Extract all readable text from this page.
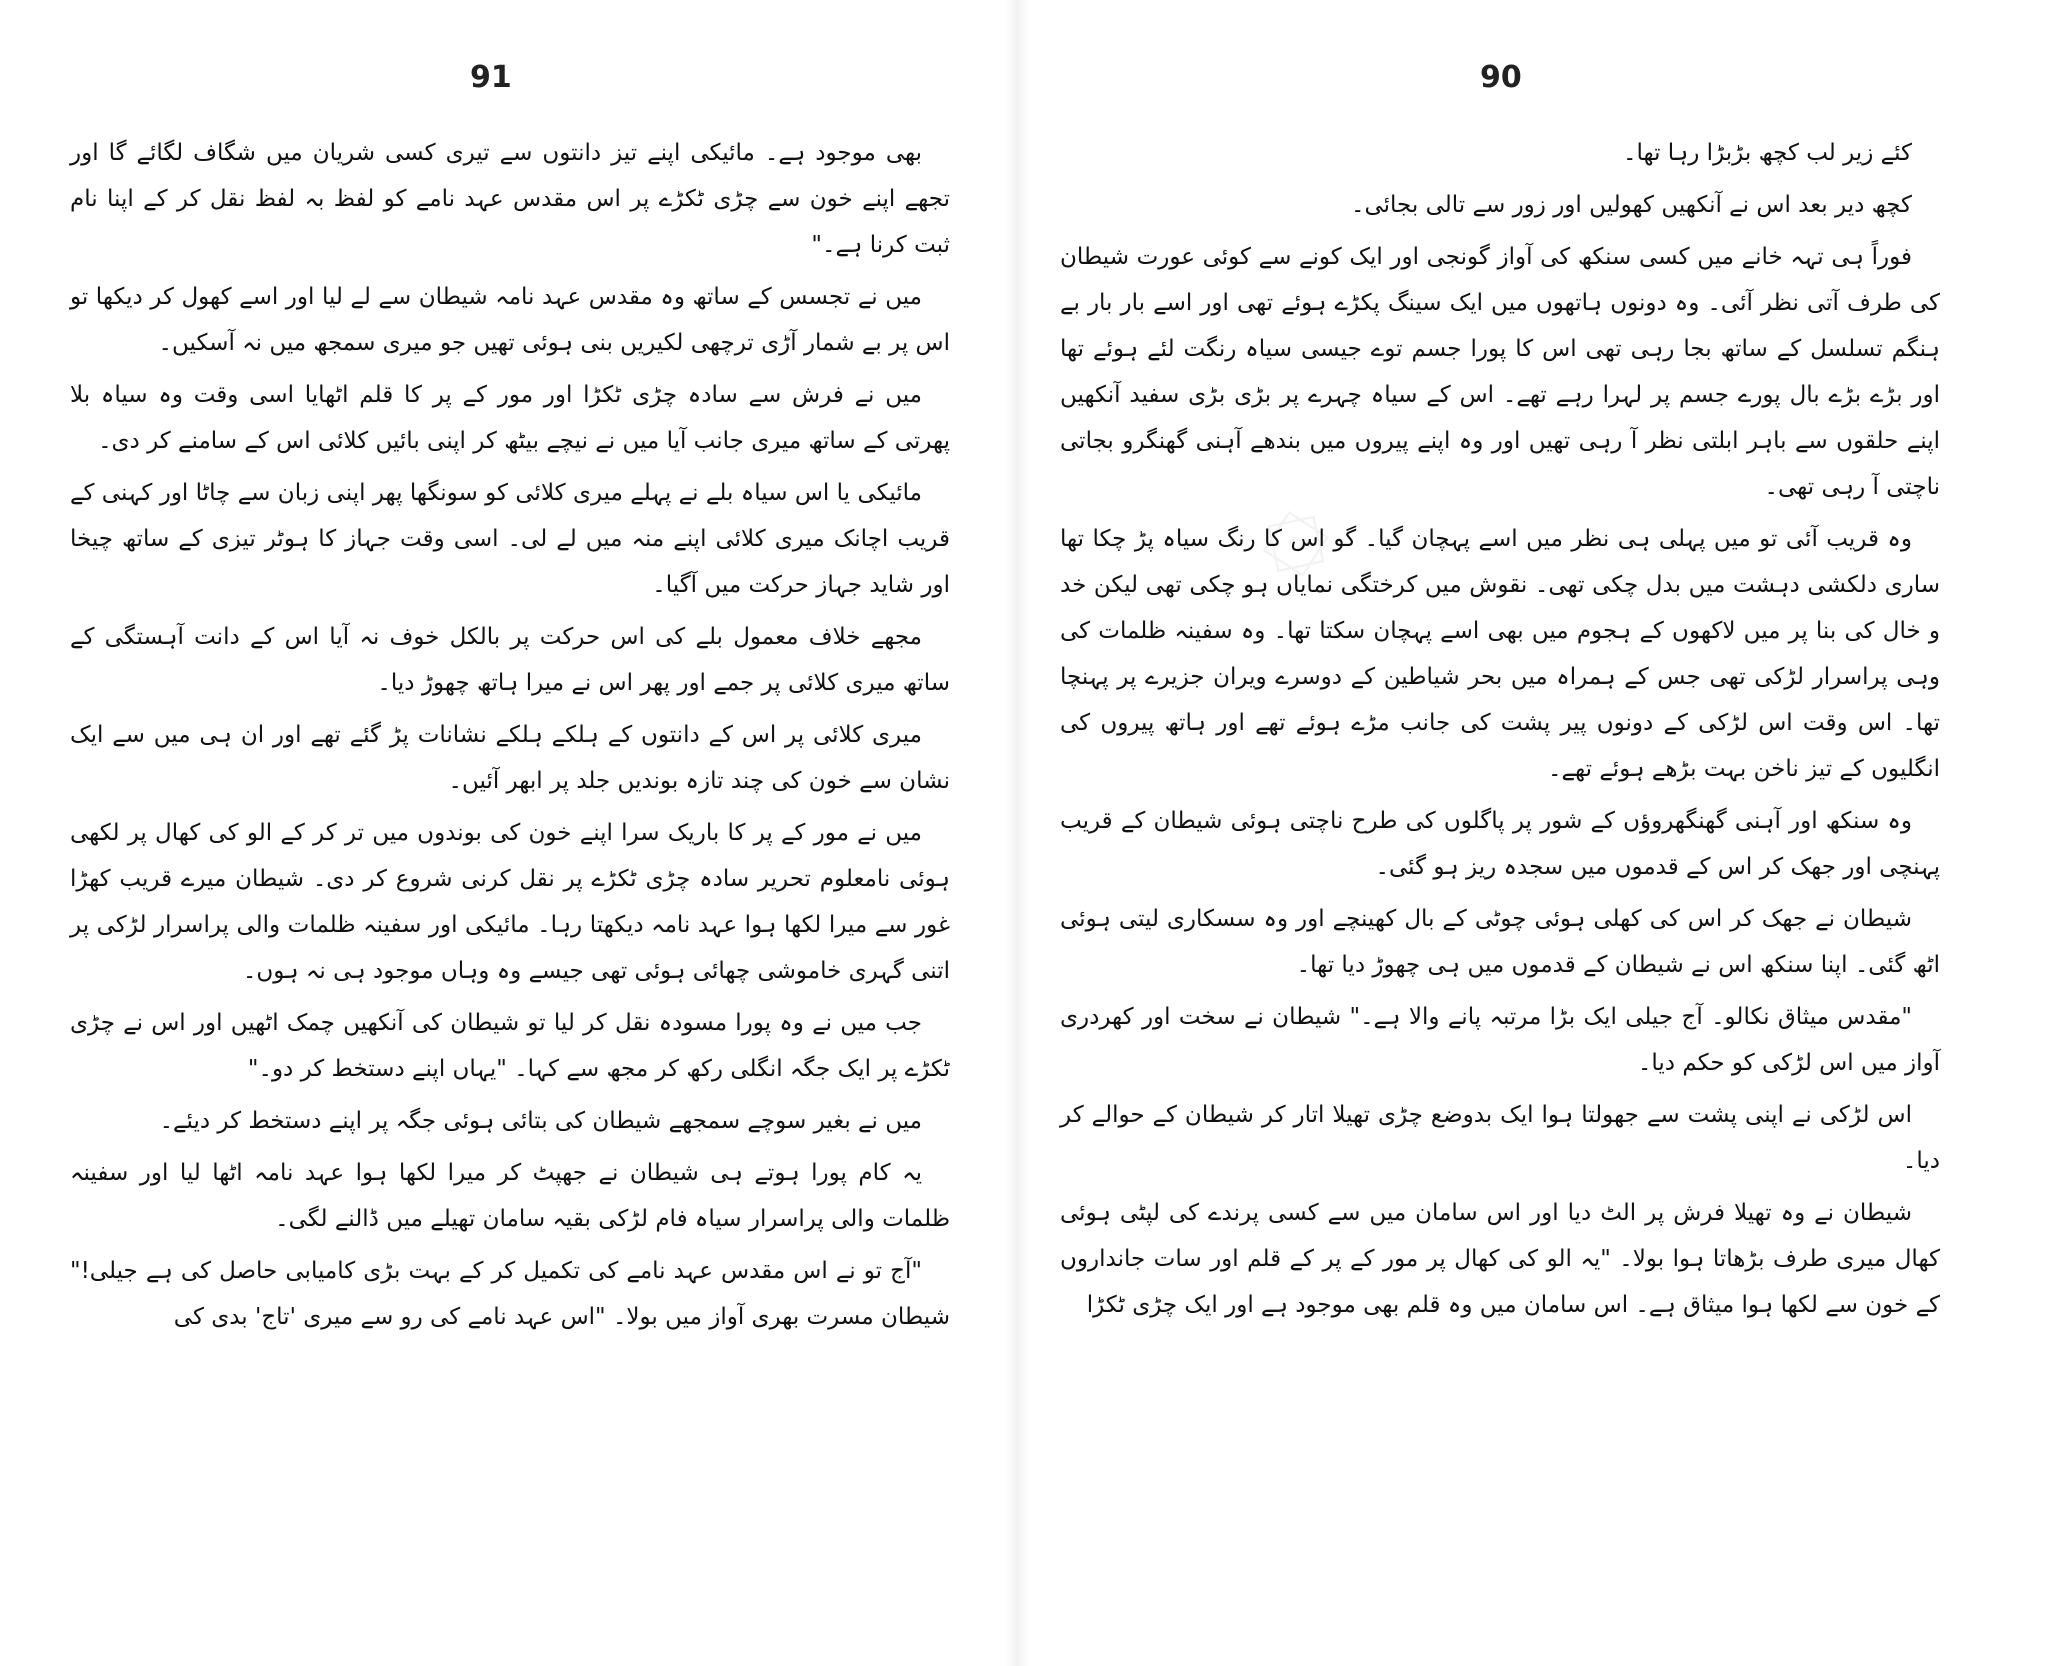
91

بھی موجود ہے۔ مائیکی اپنے تیز دانتوں سے تیری کسی شریان میں شگاف لگائے گا اور تجھے اپنے خون سے چڑی ٹکڑے پر اس مقدس عہد نامے کو لفظ بہ لفظ نقل کر کے اپنا نام ثبت کرنا ہے۔"

میں نے تجسس کے ساتھ وہ مقدس عہد نامہ شیطان سے لے لیا اور اسے کھول کر دیکھا تو اس پر بے شمار آڑی ترچھی لکیریں بنی ہوئی تھیں جو میری سمجھ میں نہ آسکیں۔

میں نے فرش سے سادہ چڑی ٹکڑا اور مور کے پر کا قلم اٹھایا اسی وقت وہ سیاہ بلا پھرتی کے ساتھ میری جانب آیا میں نے نیچے بیٹھ کر اپنی بائیں کلائی اس کے سامنے کر دی۔

مائیکی یا اس سیاہ بلے نے پہلے میری کلائی کو سونگھا پھر اپنی زبان سے چاٹا اور کہنی کے قریب اچانک میری کلائی اپنے منہ میں لے لی۔ اسی وقت جہاز کا ہوٹر تیزی کے ساتھ چیخا اور شاید جہاز حرکت میں آگیا۔

مجھے خلاف معمول بلے کی اس حرکت پر بالکل خوف نہ آیا اس کے دانت آہستگی کے ساتھ میری کلائی پر جمے اور پھر اس نے میرا ہاتھ چھوڑ دیا۔

میری کلائی پر اس کے دانتوں کے ہلکے ہلکے نشانات پڑ گئے تھے اور ان ہی میں سے ایک نشان سے خون کی چند تازہ بوندیں جلد پر ابھر آئیں۔

میں نے مور کے پر کا باریک سرا اپنے خون کی بوندوں میں تر کر کے الو کی کھال پر لکھی ہوئی نامعلوم تحریر سادہ چڑی ٹکڑے پر نقل کرنی شروع کر دی۔ شیطان میرے قریب کھڑا غور سے میرا لکھا ہوا عہد نامہ دیکھتا رہا۔ مائیکی اور سفینہ ظلمات والی پراسرار لڑکی پر اتنی گہری خاموشی چھائی ہوئی تھی جیسے وہ وہاں موجود ہی نہ ہوں۔

جب میں نے وہ پورا مسودہ نقل کر لیا تو شیطان کی آنکھیں چمک اٹھیں اور اس نے چڑی ٹکڑے پر ایک جگہ انگلی رکھ کر مجھ سے کہا۔ "یہاں اپنے دستخط کر دو۔"

میں نے بغیر سوچے سمجھے شیطان کی بتائی ہوئی جگہ پر اپنے دستخط کر دیئے۔

یہ کام پورا ہوتے ہی شیطان نے جھپٹ کر میرا لکھا ہوا عہد نامہ اٹھا لیا اور سفینہ ظلمات والی پراسرار سیاہ فام لڑکی بقیہ سامان تھیلے میں ڈالنے لگی۔

"آج تو نے اس مقدس عہد نامے کی تکمیل کر کے بہت بڑی کامیابی حاصل کی ہے جیلی!" شیطان مسرت بھری آواز میں بولا۔ "اس عہد نامے کی رو سے میری 'تاج' بدی کی

90

کئے زیر لب کچھ بڑبڑا رہا تھا۔

کچھ دیر بعد اس نے آنکھیں کھولیں اور زور سے تالی بجائی۔

فوراً ہی تہہ خانے میں کسی سنکھ کی آواز گونجی اور ایک کونے سے کوئی عورت شیطان کی طرف آتی نظر آئی۔ وہ دونوں ہاتھوں میں ایک سینگ پکڑے ہوئے تھی اور اسے بار بار بے ہنگم تسلسل کے ساتھ بجا رہی تھی اس کا پورا جسم توے جیسی سیاہ رنگت لئے ہوئے تھا اور بڑے بڑے بال پورے جسم پر لہرا رہے تھے۔ اس کے سیاہ چہرے پر بڑی بڑی سفید آنکھیں اپنے حلقوں سے باہر ابلتی نظر آ رہی تھیں اور وہ اپنے پیروں میں بندھے آہنی گھنگرو بجاتی ناچتی آ رہی تھی۔

وہ قریب آئی تو میں پہلی ہی نظر میں اسے پہچان گیا۔ گو اس کا رنگ سیاہ پڑ چکا تھا ساری دلکشی دہشت میں بدل چکی تھی۔ نقوش میں کرختگی نمایاں ہو چکی تھی لیکن خد و خال کی بنا پر میں لاکھوں کے ہجوم میں بھی اسے پہچان سکتا تھا۔ وہ سفینہ ظلمات کی وہی پراسرار لڑکی تھی جس کے ہمراہ میں بحر شیاطین کے دوسرے ویران جزیرے پر پہنچا تھا۔ اس وقت اس لڑکی کے دونوں پیر پشت کی جانب مڑے ہوئے تھے اور ہاتھ پیروں کی انگلیوں کے تیز ناخن بہت بڑھے ہوئے تھے۔

وہ سنکھ اور آہنی گھنگھروؤں کے شور پر پاگلوں کی طرح ناچتی ہوئی شیطان کے قریب پہنچی اور جھک کر اس کے قدموں میں سجدہ ریز ہو گئی۔

شیطان نے جھک کر اس کی کھلی ہوئی چوٹی کے بال کھینچے اور وہ سسکاری لیتی ہوئی اٹھ گئی۔ اپنا سنکھ اس نے شیطان کے قدموں میں ہی چھوڑ دیا تھا۔

"مقدس میثاق نکالو۔ آج جیلی ایک بڑا مرتبہ پانے والا ہے۔" شیطان نے سخت اور کھردری آواز میں اس لڑکی کو حکم دیا۔

اس لڑکی نے اپنی پشت سے جھولتا ہوا ایک بدوضع چڑی تھیلا اتار کر شیطان کے حوالے کر دیا۔

شیطان نے وہ تھیلا فرش پر الٹ دیا اور اس سامان میں سے کسی پرندے کی لپٹی ہوئی کھال میری طرف بڑھاتا ہوا بولا۔ "یہ الو کی کھال پر مور کے پر کے قلم اور سات جانداروں کے خون سے لکھا ہوا میثاق ہے۔ اس سامان میں وہ قلم بھی موجود ہے اور ایک چڑی ٹکڑا

۞
